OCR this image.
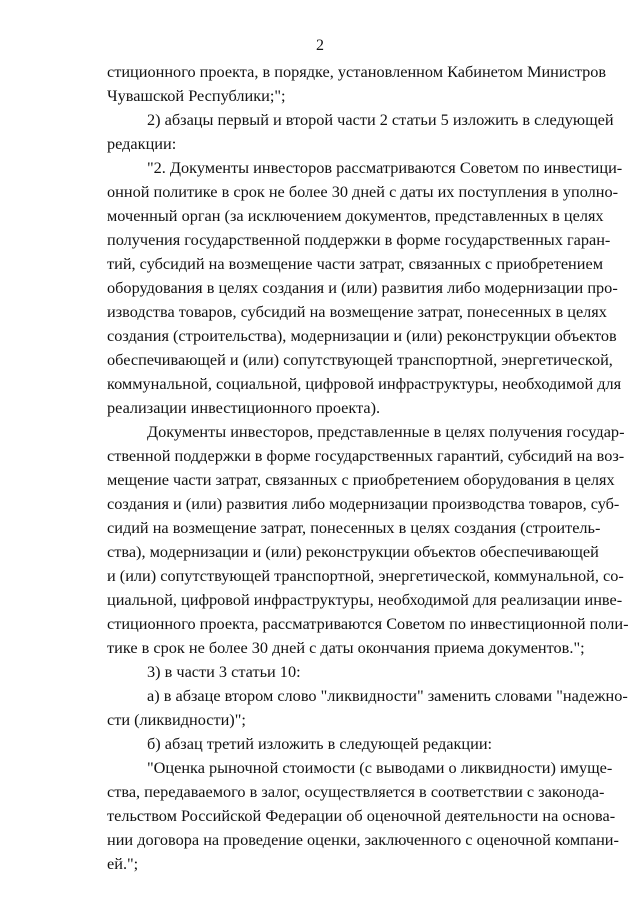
2
стиционного проекта, в порядке, установленном Кабинетом Министров
Чувашской Республики;";
2) абзацы первый и второй части 2 статьи 5 изложить в следующей
редакции:
"2. Документы инвесторов рассматриваются Советом по инвестици-
онной политике в срок не более 30 дней с даты их поступления в уполно-
моченный орган (за исключением документов, представленных в целях
получения государственной поддержки в форме государственных гаран-
тий, субсидий на возмещение части затрат, связанных с приобретением
оборудования в целях создания и (или) развития либо модернизации про-
изводства товаров, субсидий на возмещение затрат, понесенных в целях
создания (строительства), модернизации и (или) реконструкции объектов
обеспечивающей и (или) сопутствующей транспортной, энергетической,
коммунальной, социальной, цифровой инфраструктуры, необходимой для
реализации инвестиционного проекта).
Документы инвесторов, представленные в целях получения государ-
ственной поддержки в форме государственных гарантий, субсидий на воз-
мещение части затрат, связанных с приобретением оборудования в целях
создания и (или) развития либо модернизации производства товаров, суб-
сидий на возмещение затрат, понесенных в целях создания (строитель-
ства), модернизации и (или) реконструкции объектов обеспечивающей
и (или) сопутствующей транспортной, энергетической, коммунальной, со-
циальной, цифровой инфраструктуры, необходимой для реализации инве-
стиционного проекта, рассматриваются Советом по инвестиционной поли-
тике в срок не более 30 дней с даты окончания приема документов.";
3) в части 3 статьи 10:
а) в абзаце втором слово "ликвидности" заменить словами "надежно-
сти (ликвидности)";
б) абзац третий изложить в следующей редакции:
"Оценка рыночной стоимости (с выводами о ликвидности) имуще-
ства, передаваемого в залог, осуществляется в соответствии с законода-
тельством Российской Федерации об оценочной деятельности на основа-
нии договора на проведение оценки, заключенного с оценочной компани-
ей.";
